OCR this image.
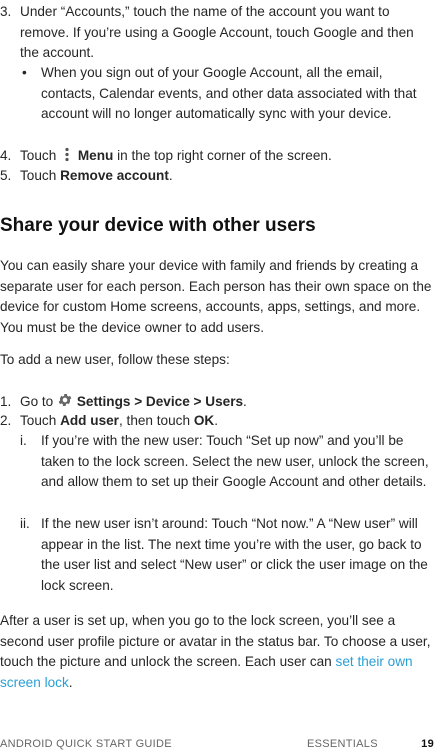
3. Under “Accounts,” touch the name of the account you want to remove. If you’re using a Google Account, touch Google and then the account.
•	When you sign out of your Google Account, all the email, contacts, Calendar events, and other data associated with that account will no longer automatically sync with your device.
4. Touch Menu in the top right corner of the screen.
5. Touch Remove account.
Share your device with other users
You can easily share your device with family and friends by creating a separate user for each person. Each person has their own space on the device for custom Home screens, accounts, apps, settings, and more. You must be the device owner to add users.
To add a new user, follow these steps:
1. Go to Settings > Device > Users.
2. Touch Add user, then touch OK.
i.	If you’re with the new user: Touch “Set up now” and you’ll be taken to the lock screen. Select the new user, unlock the screen, and allow them to set up their Google Account and other details.
ii. If the new user isn’t around: Touch “Not now.” A “New user” will appear in the list. The next time you’re with the user, go back to the user list and select “New user” or click the user image on the lock screen.
After a user is set up, when you go to the lock screen, you’ll see a second user profile picture or avatar in the status bar. To choose a user, touch the picture and unlock the screen. Each user can set their own screen lock.
ANDROID QUICK START GUIDE	ESSENTIALS	19
